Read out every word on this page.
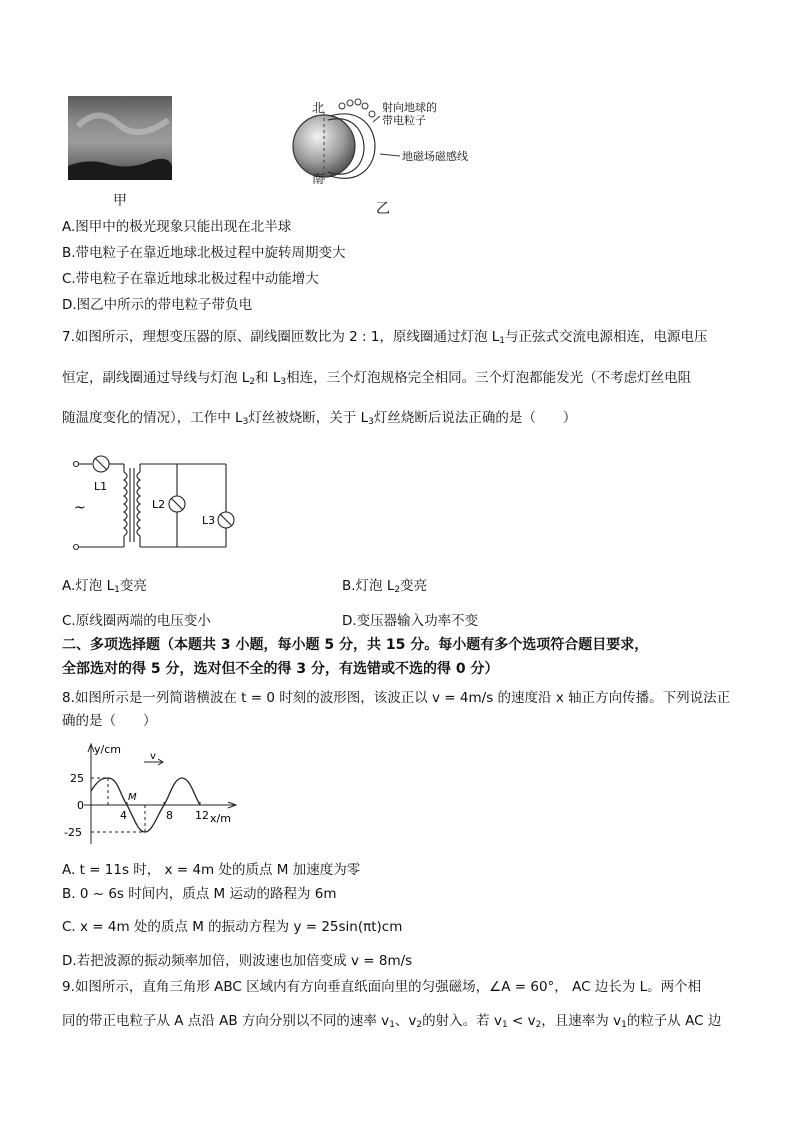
甲
北
南
射向地球的
带电粒子
地磁场磁感线
乙
A.图甲中的极光现象只能出现在北半球
B.带电粒子在靠近地球北极过程中旋转周期变大
C.带电粒子在靠近地球北极过程中动能增大
D.图乙中所示的带电粒子带负电
7.如图所示，理想变压器的原、副线圈匝数比为 2 : 1，原线圈通过灯泡 $L_1$与正弦式交流电源相连，电源电压
恒定，副线圈通过导线与灯泡 $L_2$和 $L_3$相连，三个灯泡规格完全相同。三个灯泡都能发光（不考虑灯丝电阻
随温度变化的情况），工作中 $L_3$灯丝被烧断，关于 $L_3$灯丝烧断后说法正确的是（　　）
L1
~	L2
L3
A.灯泡 $L_1$变亮	B.灯泡 $L_2$变亮
C.原线圈两端的电压变小	D.变压器输入功率不变
二、多项选择题（本题共 3 小题，每小题 5 分，共 15 分。每小题有多个选项符合题目要求，
全部选对的得 5 分，选对但不全的得 3 分，有选错或不选的得 0 分）
8.如图所示是一列简谐横波在 t = 0 时刻的波形图，该波正以 v = 4m/s 的速度沿 x 轴正方向传播。下列说法正
确的是（　　）
y/cm
x/m
v
M
25
0
-25
4	8 12
A. t = 11s 时， x = 4m 处的质点 M 加速度为零
B. 0 ~ 6s 时间内，质点 M 运动的路程为 6m
C. x = 4m 处的质点 M 的振动方程为 y = 25sin(πt)cm
D.若把波源的振动频率加倍，则波速也加倍变成 v = 8m/s
9.如图所示，直角三角形 ABC 区域内有方向垂直纸面向里的匀强磁场，∠A = 60°， AC 边长为 L。两个相
同的带正电粒子从 A 点沿 AB 方向分别以不同的速率 $v_1$、$v_2$的射入。若 $v_1 < v_2$，且速率为 $v_1$的粒子从 AC 边
